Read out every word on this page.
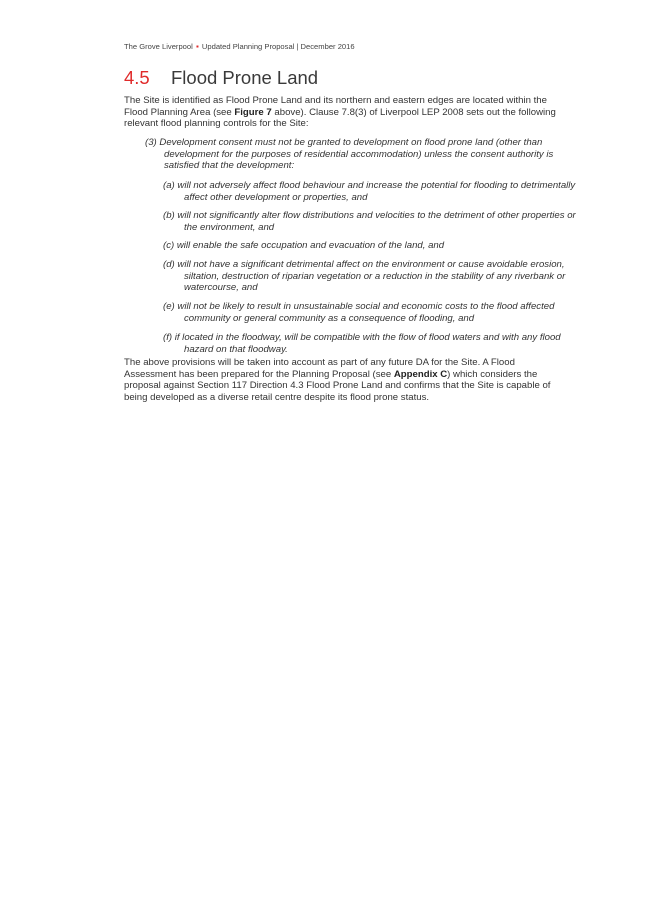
The Grove Liverpool ▪ Updated Planning Proposal | December 2016
4.5 Flood Prone Land
The Site is identified as Flood Prone Land and its northern and eastern edges are located within the Flood Planning Area (see Figure 7 above). Clause 7.8(3) of Liverpool LEP 2008 sets out the following relevant flood planning controls for the Site:
(3) Development consent must not be granted to development on flood prone land (other than development for the purposes of residential accommodation) unless the consent authority is satisfied that the development:
(a) will not adversely affect flood behaviour and increase the potential for flooding to detrimentally affect other development or properties, and
(b) will not significantly alter flow distributions and velocities to the detriment of other properties or the environment, and
(c) will enable the safe occupation and evacuation of the land, and
(d) will not have a significant detrimental affect on the environment or cause avoidable erosion, siltation, destruction of riparian vegetation or a reduction in the stability of any riverbank or watercourse, and
(e) will not be likely to result in unsustainable social and economic costs to the flood affected community or general community as a consequence of flooding, and
(f) if located in the floodway, will be compatible with the flow of flood waters and with any flood hazard on that floodway.
The above provisions will be taken into account as part of any future DA for the Site. A Flood Assessment has been prepared for the Planning Proposal (see Appendix C) which considers the proposal against Section 117 Direction 4.3 Flood Prone Land and confirms that the Site is capable of being developed as a diverse retail centre despite its flood prone status.
